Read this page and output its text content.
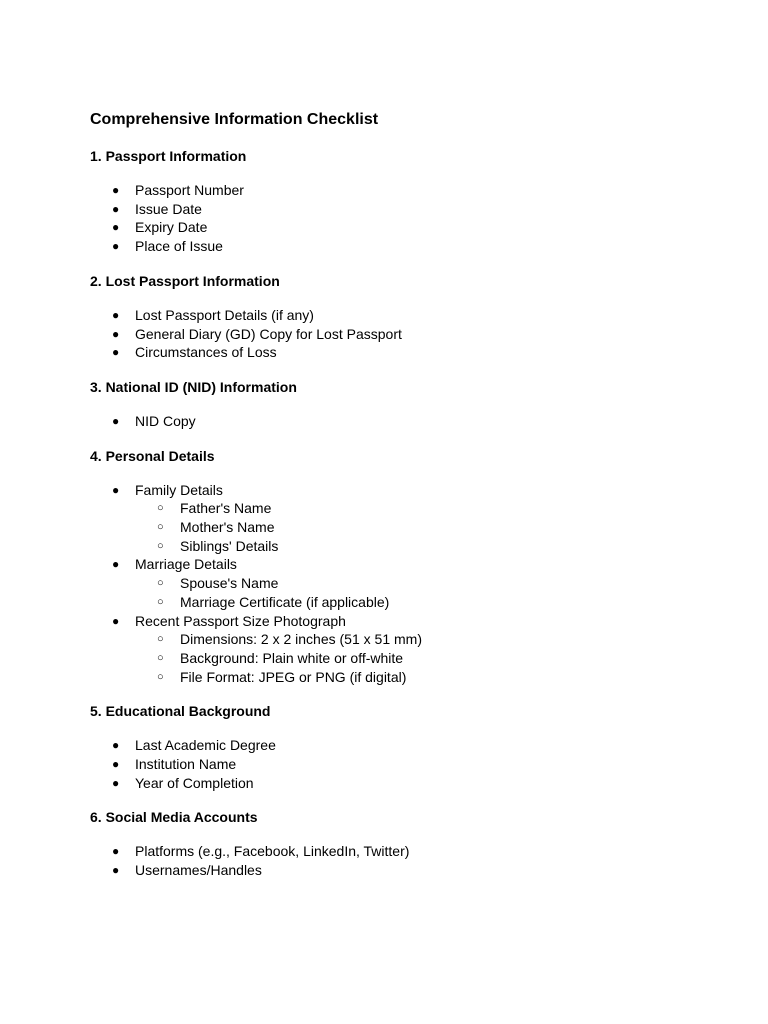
Comprehensive Information Checklist
1. Passport Information
● Passport Number
● Issue Date
● Expiry Date
● Place of Issue
2. Lost Passport Information
● Lost Passport Details (if any)
● General Diary (GD) Copy for Lost Passport
● Circumstances of Loss
3. National ID (NID) Information
● NID Copy
4. Personal Details
● Family Details
○ Father's Name
○ Mother's Name
○ Siblings' Details
● Marriage Details
○ Spouse's Name
○ Marriage Certificate (if applicable)
● Recent Passport Size Photograph
○ Dimensions: 2 x 2 inches (51 x 51 mm)
○ Background: Plain white or off-white
○ File Format: JPEG or PNG (if digital)
5. Educational Background
● Last Academic Degree
● Institution Name
● Year of Completion
6. Social Media Accounts
● Platforms (e.g., Facebook, LinkedIn, Twitter)
● Usernames/Handles
